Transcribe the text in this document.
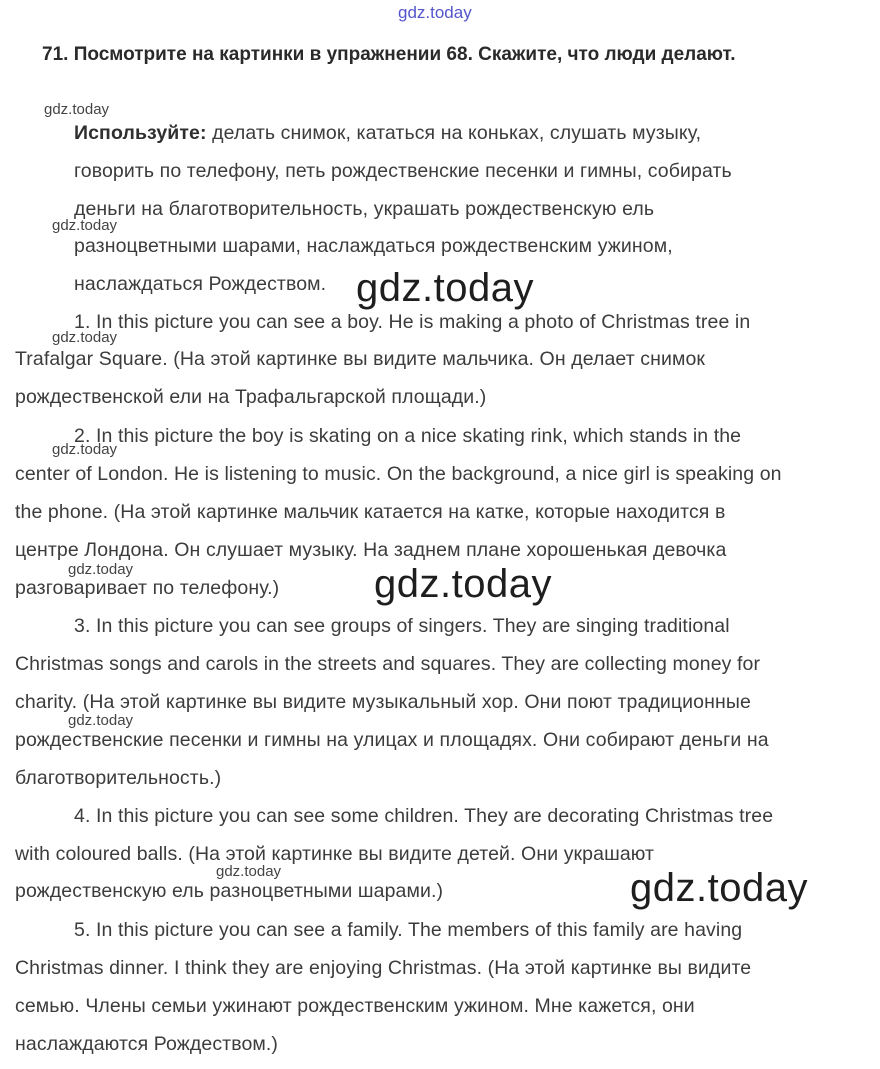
gdz.today
71. Посмотрите на картинки в упражнении 68. Скажите, что люди делают.
gdz.today
Используйте: делать снимок, кататься на коньках, слушать музыку,
говорить по телефону, петь рождественские песенки и гимны, собирать
деньги на благотворительность, украшать рождественскую ель
gdz.today
разноцветными шарами, наслаждаться рождественским ужином,
наслаждаться Рождеством. gdz.today
1. In this picture you can see a boy. He is making a photo of Christmas tree in
gdz.today
Trafalgar Square. (На этой картинке вы видите мальчика. Он делает снимок
рождественской ели на Трафальгарской площади.)
2. In this picture the boy is skating on a nice skating rink, which stands in the
gdz.today
center of London. He is listening to music. On the background, a nice girl is speaking on
the phone. (На этой картинке мальчик катается на катке, которые находится в
центре Лондона. Он слушает музыку. На заднем плане хорошенькая девочка
gdz.today
разговаривает по телефону.) gdz.today
3. In this picture you can see groups of singers. They are singing traditional
Christmas songs and carols in the streets and squares. They are collecting money for
charity. (На этой картинке вы видите музыкальный хор. Они поют традиционные
gdz.today
рождественские песенки и гимны на улицах и площадях. Они собирают деньги на
благотворительность.)
4. In this picture you can see some children. They are decorating Christmas tree
with coloured balls. (На этой картинке вы видите детей. Они украшают
gdz.today
рождественскую ель разноцветными шарами.)	gdz.today
5. In this picture you can see a family. The members of this family are having
Christmas dinner. I think they are enjoying Christmas. (На этой картинке вы видите
семью. Члены семьи ужинают рождественским ужином. Мне кажется, они
наслаждаются Рождеством.)
